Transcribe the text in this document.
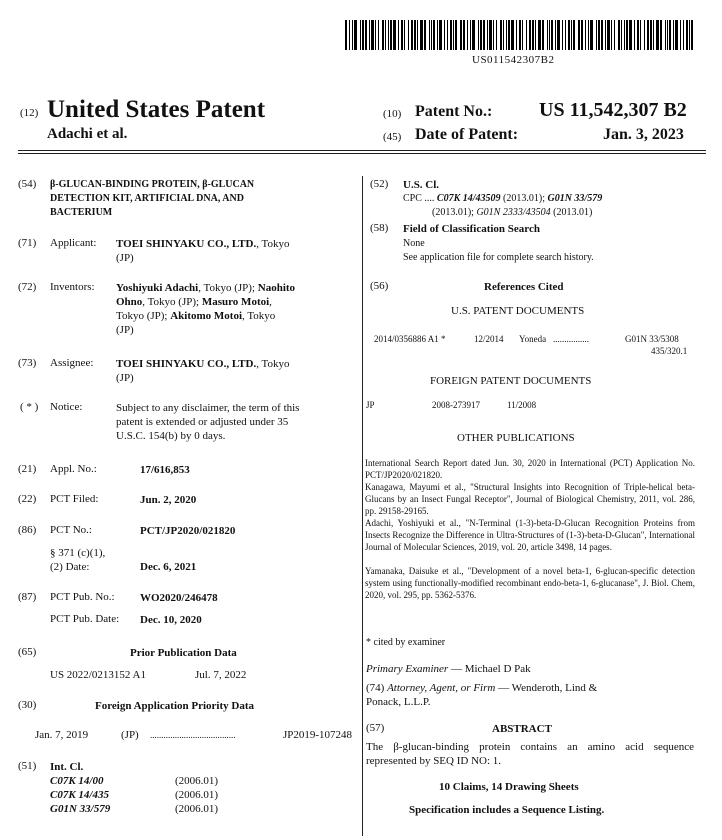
US011542307B2
(12) United States Patent
Adachi et al.
(10) Patent No.: US 11,542,307 B2
(45) Date of Patent:	Jan. 3, 2023
(54) β-GLUCAN-BINDING PROTEIN, β-GLUCAN
DETECTION KIT, ARTIFICIAL DNA, AND
BACTERIUM
(71) Applicant: TOEI SHINYAKU CO., LTD., Tokyo
(JP)
(72) Inventors: Yoshiyuki Adachi, Tokyo (JP); Naohito
Ohno, Tokyo (JP); Masuro Motoi,
Tokyo (JP); Akitomo Motoi, Tokyo
(JP)
(73) Assignee: TOEI SHINYAKU CO., LTD., Tokyo
(JP)
( * ) Notice:	Subject to any disclaimer, the term of this
patent is extended or adjusted under 35
U.S.C. 154(b) by 0 days.
(21) Appl. No.:	17/616,853
(22) PCT Filed:	Jun. 2, 2020
(86) PCT No.:	PCT/JP2020/021820
§ 371 (c)(1),
(2) Date:	Dec. 6, 2021
(87) PCT Pub. No.: WO2020/246478
PCT Pub. Date: Dec. 10, 2020
(65)	Prior Publication Data
US 2022/0213152 A1	Jul. 7, 2022
(30)	Foreign Application Priority Data
Jan. 7, 2019	(JP) ......................................	JP2019-107248
(51) Int. Cl.
C07K 14/00	(2006.01)
C07K 14/435	(2006.01)
G01N 33/579	(2006.01)
(52) U.S. Cl.
CPC .... C07K 14/43509 (2013.01); G01N 33/579
(2013.01); G01N 2333/43504 (2013.01)
(58) Field of Classification Search
None
See application file for complete search history.
(56)	References Cited
U.S. PATENT DOCUMENTS
2014/0356886 A1 *	12/2014 Yoneda ................	G01N 33/5308
435/320.1
FOREIGN PATENT DOCUMENTS
JP	2008-273917	11/2008
OTHER PUBLICATIONS
International Search Report dated Jun. 30, 2020 in International (PCT) Application No. PCT/JP2020/021820.
Kanagawa, Mayumi et al., "Structural Insights into Recognition of Triple-helical beta-Glucans by an Insect Fungal Receptor", Journal of Biological Chemistry, 2011, vol. 286, pp. 29158-29165.
Adachi, Yoshiyuki et al., "N-Terminal (1-3)-beta-D-Glucan Recognition Proteins from Insects Recognize the Difference in Ultra-Structures of (1-3)-beta-D-Glucan", International Journal of Molecular Sciences, 2019, vol. 20, article 3498, 14 pages.
Yamanaka, Daisuke et al., "Development of a novel beta-1, 6-glucan-specific detection system using functionally-modified recombinant endo-beta-1, 6-glucanase", J. Biol. Chem, 2020, vol. 295, pp. 5362-5376.
* cited by examiner
Primary Examiner — Michael D Pak
(74) Attorney, Agent, or Firm — Wenderoth, Lind &
Ponack, L.L.P.
(57)	ABSTRACT
The β-glucan-binding protein contains an amino acid sequence represented by SEQ ID NO: 1.
10 Claims, 14 Drawing Sheets
Specification includes a Sequence Listing.
